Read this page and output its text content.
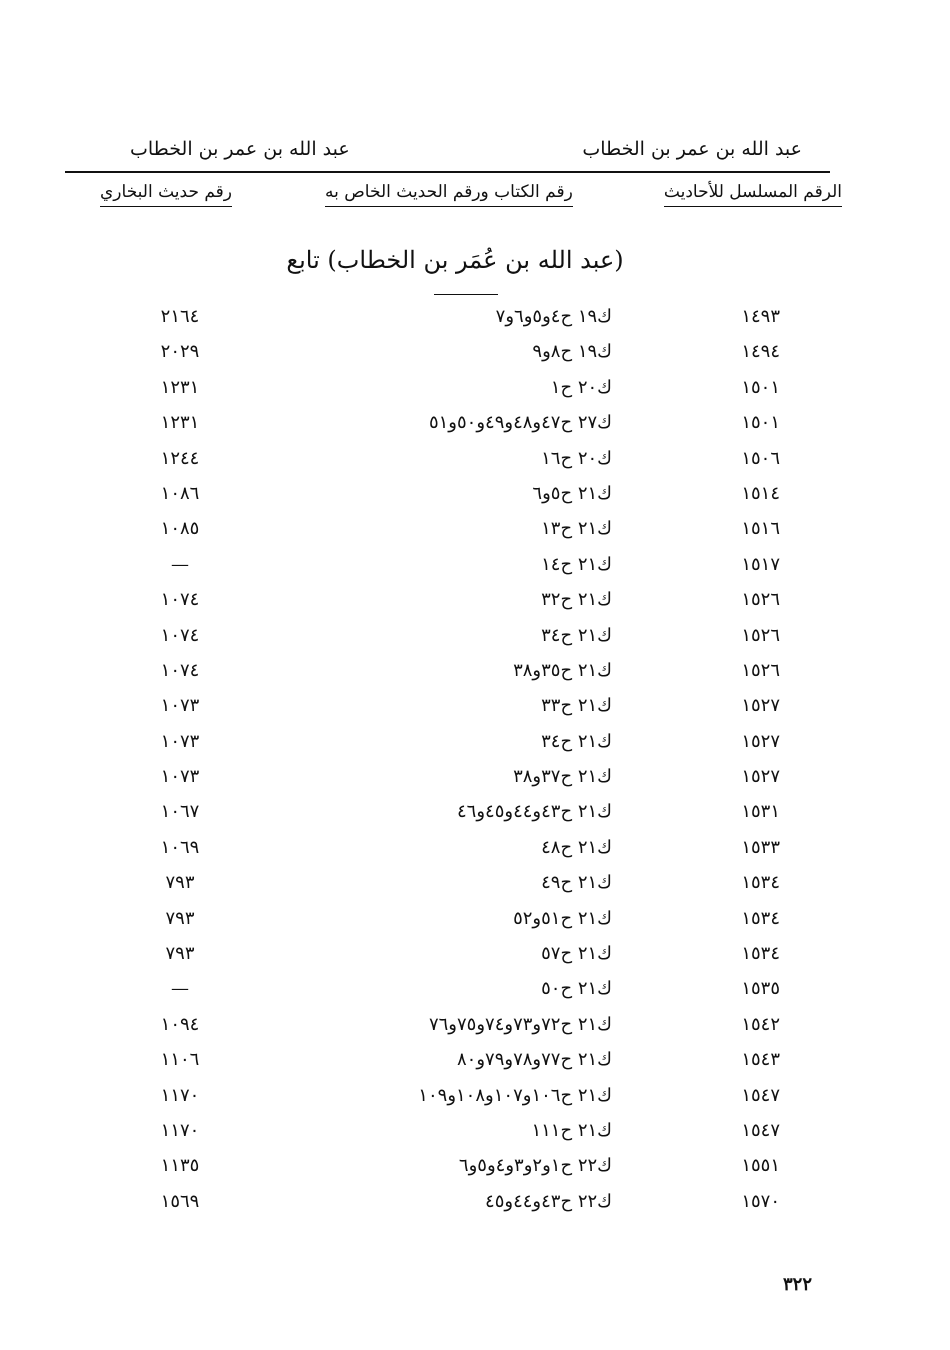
عبد الله بن عمر بن الخطاب
عبد الله بن عمر بن الخطاب
الرقم المسلسل للأحاديث
رقم الكتاب ورقم الحديث الخاص به
رقم حديث البخاري
(عبد الله بن عُمَر بن الخطاب) تابع
١٤٩٣
ك١٩ ح٤و٥و٦و٧
٢١٦٤
١٤٩٤
ك١٩ ح٨و٩
٢٠٢٩
١٥٠١
ك٢٠ ح١
١٢٣١
١٥٠١
ك٢٧ ح٤٧و٤٨و٤٩و٥٠و٥١
١٢٣١
١٥٠٦
ك٢٠ ح١٦
١٢٤٤
١٥١٤
ك٢١ ح٥و٦
١٠٨٦
١٥١٦
ك٢١ ح١٣
١٠٨٥
١٥١٧
ك٢١ ح١٤
—
١٥٢٦
ك٢١ ح٣٢
١٠٧٤
١٥٢٦
ك٢١ ح٣٤
١٠٧٤
١٥٢٦
ك٢١ ح٣٥و٣٨
١٠٧٤
١٥٢٧
ك٢١ ح٣٣
١٠٧٣
١٥٢٧
ك٢١ ح٣٤
١٠٧٣
١٥٢٧
ك٢١ ح٣٧و٣٨
١٠٧٣
١٥٣١
ك٢١ ح٤٣و٤٤و٤٥و٤٦
١٠٦٧
١٥٣٣
ك٢١ ح٤٨
١٠٦٩
١٥٣٤
ك٢١ ح٤٩
٧٩٣
١٥٣٤
ك٢١ ح٥١و٥٢
٧٩٣
١٥٣٤
ك٢١ ح٥٧
٧٩٣
١٥٣٥
ك٢١ ح٥٠
—
١٥٤٢
ك٢١ ح٧٢و٧٣و٧٤و٧٥و٧٦
١٠٩٤
١٥٤٣
ك٢١ ح٧٧و٧٨و٧٩و٨٠
١١٠٦
١٥٤٧
ك٢١ ح١٠٦و١٠٧و١٠٨و١٠٩
١١٧٠
١٥٤٧
ك٢١ ح١١١
١١٧٠
١٥٥١
ك٢٢ ح١و٢و٣و٤و٥و٦
١١٣٥
١٥٧٠
ك٢٢ ح٤٣و٤٤و٤٥
١٥٦٩
٣٢٢
